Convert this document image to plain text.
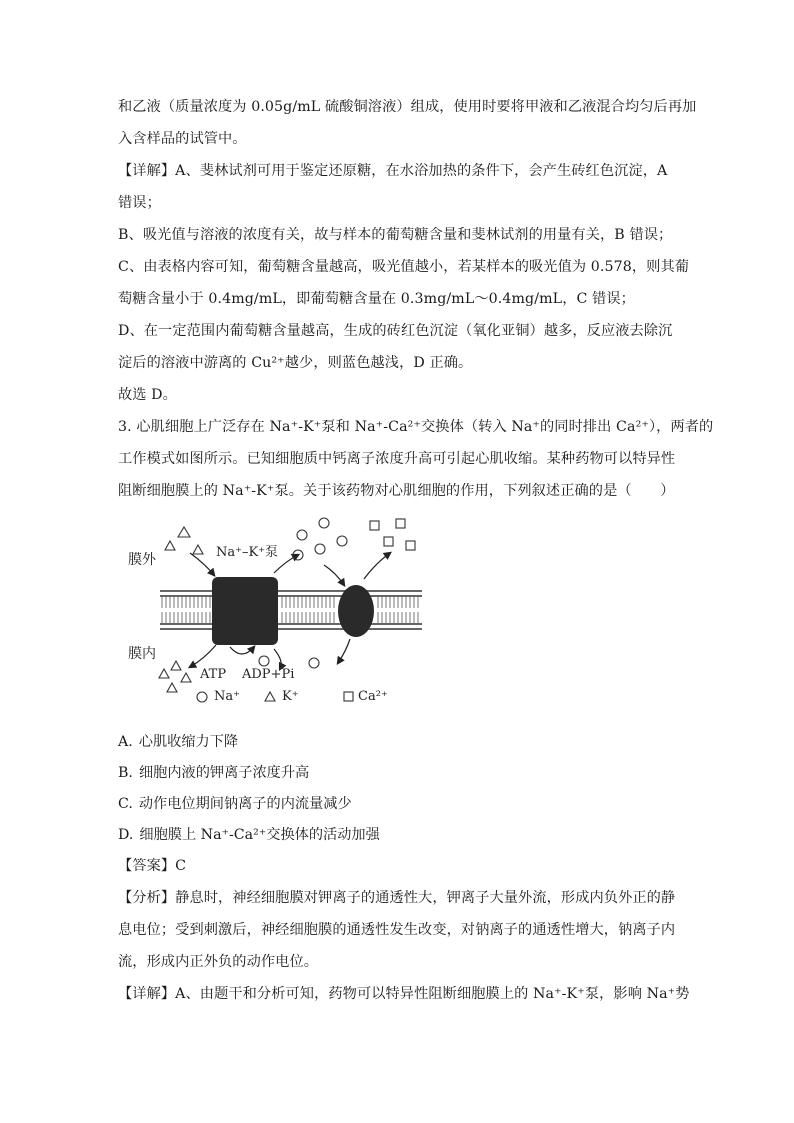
和乙液（质量浓度为 0.05g/mL 硫酸铜溶液）组成，使用时要将甲液和乙液混合均匀后再加

入含样品的试管中。

【详解】A、斐林试剂可用于鉴定还原糖，在水浴加热的条件下，会产生砖红色沉淀，A

错误；

B、吸光值与溶液的浓度有关，故与样本的葡萄糖含量和斐林试剂的用量有关，B 错误；

C、由表格内容可知，葡萄糖含量越高，吸光值越小，若某样本的吸光值为 0.578，则其葡

萄糖含量小于 0.4mg/mL，即葡萄糖含量在 0.3mg/mL～0.4mg/mL，C 错误；

D、在一定范围内葡萄糖含量越高，生成的砖红色沉淀（氧化亚铜）越多，反应液去除沉

淀后的溶液中游离的 Cu²⁺越少，则蓝色越浅，D 正确。

故选 D。

3. 心肌细胞上广泛存在 Na⁺-K⁺泵和 Na⁺-Ca²⁺交换体（转入 Na⁺的同时排出 Ca²⁺），两者的

工作模式如图所示。已知细胞质中钙离子浓度升高可引起心肌收缩。某种药物可以特异性

阻断细胞膜上的 Na⁺-K⁺泵。关于该药物对心肌细胞的作用，下列叙述正确的是（　　）

膜外
膜内
Na⁺–K⁺泵
ATP ADP+Pi
Na⁺	K⁺	Ca²⁺
A. 心肌收缩力下降
B. 细胞内液的钾离子浓度升高
C. 动作电位期间钠离子的内流量减少
D. 细胞膜上 Na⁺-Ca²⁺交换体的活动加强

【答案】C

【分析】静息时，神经细胞膜对钾离子的通透性大，钾离子大量外流，形成内负外正的静

息电位；受到刺激后，神经细胞膜的通透性发生改变，对钠离子的通透性增大，钠离子内

流，形成内正外负的动作电位。

【详解】A、由题干和分析可知，药物可以特异性阻断细胞膜上的 Na⁺-K⁺泵，影响 Na⁺势
